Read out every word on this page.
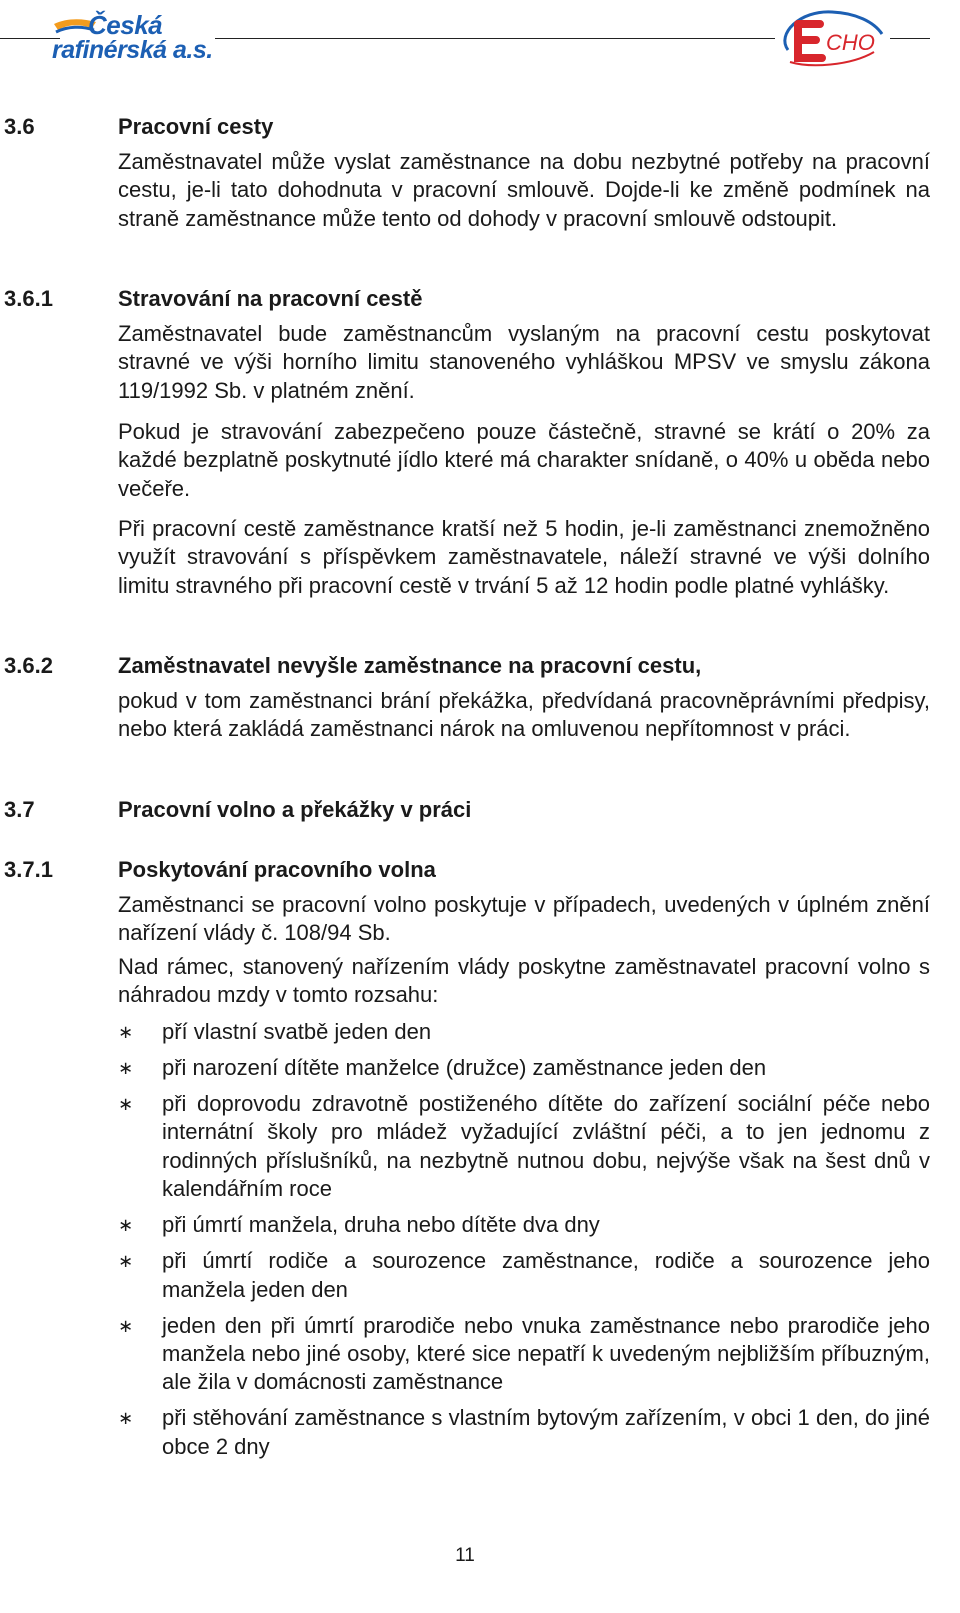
Česká
rafinérská a.s.	CHO
3.6	Pracovní cesty

Zaměstnavatel může vyslat zaměstnance na dobu nezbytné potřeby na pracovní cestu, je-li tato dohodnuta v pracovní smlouvě. Dojde-li ke změně podmínek na straně zaměstnance může tento od dohody v pracovní smlouvě odstoupit.

3.6.1	Stravování na pracovní cestě

Zaměstnavatel bude zaměstnancům vyslaným na pracovní cestu poskytovat stravné ve výši horního limitu stanoveného vyhláškou MPSV ve smyslu zákona 119/1992 Sb. v platném znění.

Pokud je stravování zabezpečeno pouze částečně, stravné se krátí o 20% za každé bezplatně poskytnuté jídlo které má charakter snídaně, o 40% u oběda nebo večeře.

Při pracovní cestě zaměstnance kratší než 5 hodin, je-li zaměstnanci znemožněno využít stravování s příspěvkem zaměstnavatele, náleží stravné ve výši dolního limitu stravného při pracovní cestě v trvání 5 až 12 hodin podle platné vyhlášky.

3.6.2	Zaměstnavatel nevyšle zaměstnance na pracovní cestu,

pokud v tom zaměstnanci brání překážka, předvídaná pracovněprávními předpisy, nebo která zakládá zaměstnanci nárok na omluvenou nepřítomnost v práci.

3.7	Pracovní volno a překážky v práci
3.7.1	Poskytování pracovního volna

Zaměstnanci se pracovní volno poskytuje v případech, uvedených v úplném znění nařízení vlády č. 108/94 Sb.

Nad rámec, stanovený nařízením vlády poskytne zaměstnavatel pracovní volno s náhradou mzdy v tomto rozsahu:

∗ pří vlastní svatbě jeden den
∗ při narození dítěte manželce (družce) zaměstnance jeden den
∗ při doprovodu zdravotně postiženého dítěte do zařízení sociální péče nebo internátní školy pro mládež vyžadující zvláštní péči, a to jen jednomu z rodinných příslušníků, na nezbytně nutnou dobu, nejvýše však na šest dnů v kalendářním roce
∗ při úmrtí manžela, druha nebo dítěte dva dny
∗ při úmrtí rodiče a sourozence zaměstnance, rodiče a sourozence jeho manžela jeden den
∗ jeden den při úmrtí prarodiče nebo vnuka zaměstnance nebo prarodiče jeho manžela nebo jiné osoby, které sice nepatří k uvedeným nejbližším příbuzným, ale žila v domácnosti zaměstnance
∗ při stěhování zaměstnance s vlastním bytovým zařízením, v obci 1 den, do jiné obce 2 dny
11
